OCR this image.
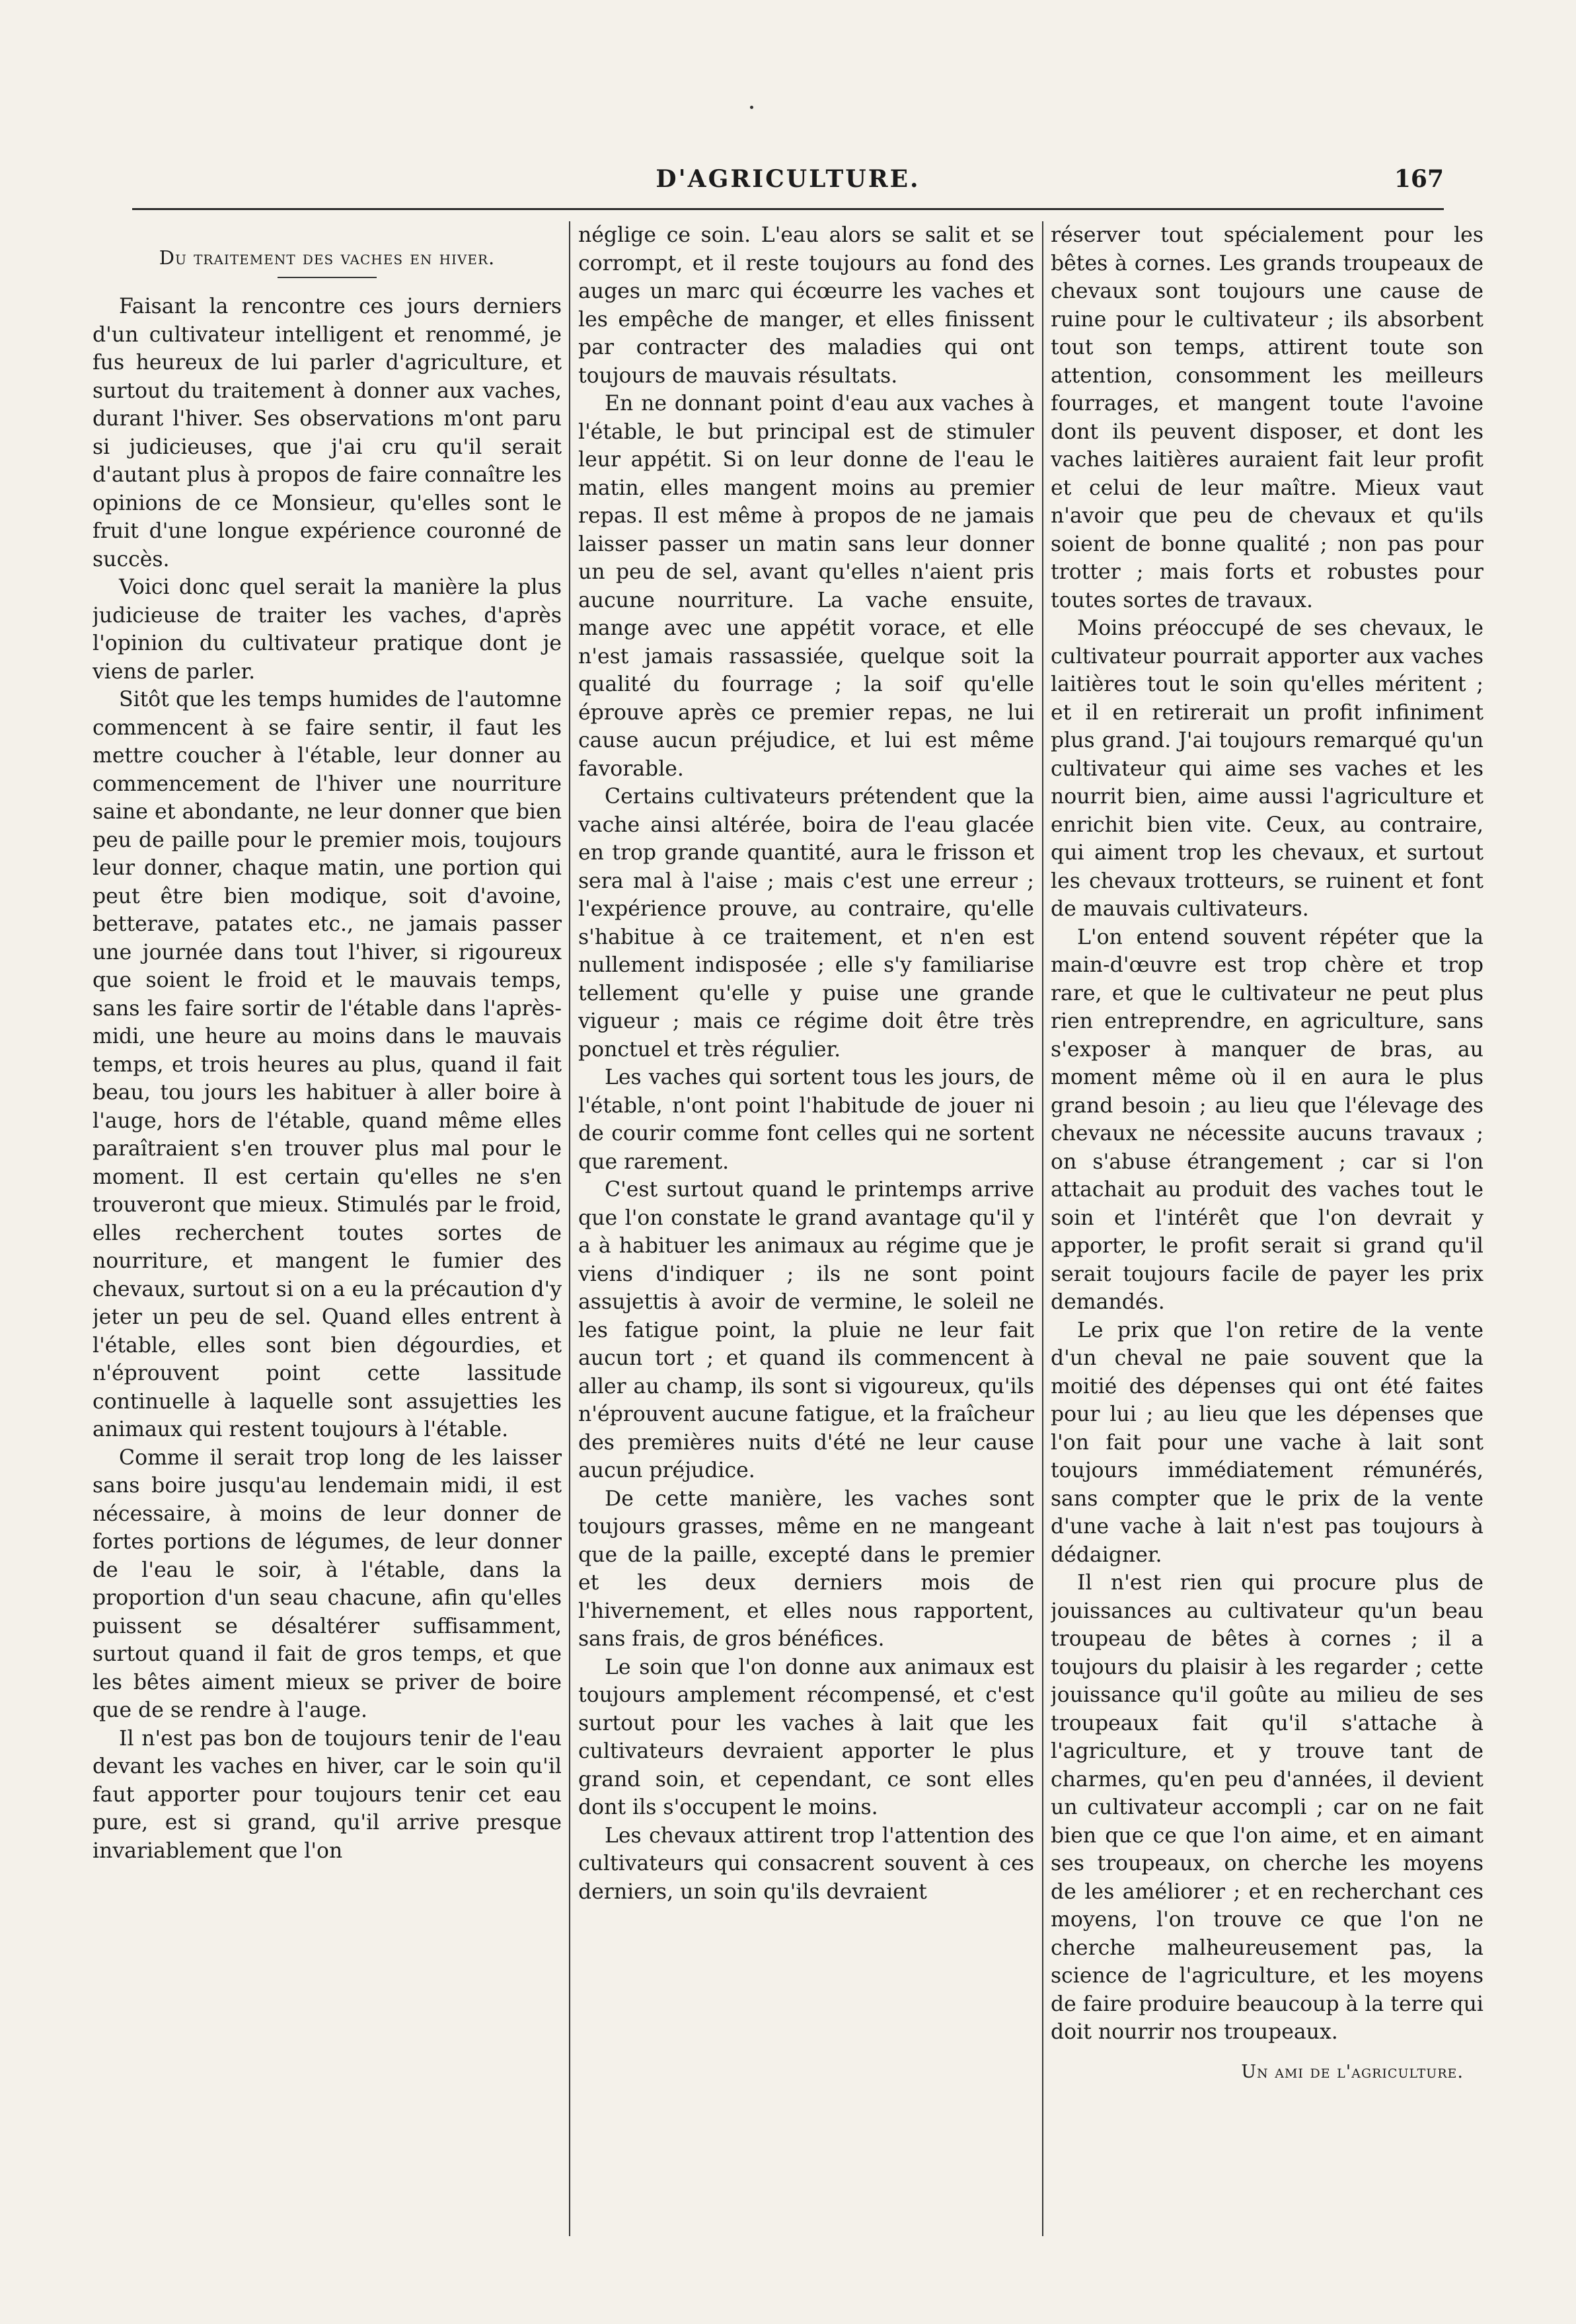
D'AGRICULTURE.	167
Du traitement des vaches en hiver.

Faisant la rencontre ces jours derniers d'un cultivateur intelligent et renommé, je fus heureux de lui parler d'agriculture, et surtout du traitement à donner aux vaches, durant l'hiver. Ses observations m'ont paru si judicieuses, que j'ai cru qu'il serait d'autant plus à propos de faire connaître les opinions de ce Monsieur, qu'elles sont le fruit d'une longue expérience couronné de succès.

Voici donc quel serait la manière la plus judicieuse de traiter les vaches, d'après l'opinion du cultivateur pratique dont je viens de parler.

Sitôt que les temps humides de l'automne commencent à se faire sentir, il faut les mettre coucher à l'étable, leur donner au commencement de l'hiver une nourriture saine et abondante, ne leur donner que bien peu de paille pour le premier mois, toujours leur donner, chaque matin, une portion qui peut être bien modique, soit d'avoine, betterave, patates etc., ne jamais passer une journée dans tout l'hiver, si rigoureux que soient le froid et le mauvais temps, sans les faire sortir de l'étable dans l'après-midi, une heure au moins dans le mauvais temps, et trois heures au plus, quand il fait beau, tou jours les habituer à aller boire à l'auge, hors de l'étable, quand même elles paraîtraient s'en trouver plus mal pour le moment. Il est certain qu'elles ne s'en trouveront que mieux. Stimulés par le froid, elles recherchent toutes sortes de nourriture, et mangent le fumier des chevaux, surtout si on a eu la précaution d'y jeter un peu de sel. Quand elles entrent à l'étable, elles sont bien dégourdies, et n'éprouvent point cette lassitude continuelle à laquelle sont assujetties les animaux qui restent toujours à l'étable.

Comme il serait trop long de les laisser sans boire jusqu'au lendemain midi, il est nécessaire, à moins de leur donner de fortes portions de légumes, de leur donner de l'eau le soir, à l'étable, dans la proportion d'un seau chacune, afin qu'elles puissent se désaltérer suffisamment, surtout quand il fait de gros temps, et que les bêtes aiment mieux se priver de boire que de se rendre à l'auge.

Il n'est pas bon de toujours tenir de l'eau devant les vaches en hiver, car le soin qu'il faut apporter pour toujours tenir cet eau pure, est si grand, qu'il arrive presque invariablement que l'on

néglige ce soin. L'eau alors se salit et se corrompt, et il reste toujours au fond des auges un marc qui écœurre les vaches et les empêche de manger, et elles finissent par contracter des maladies qui ont toujours de mauvais résultats.

En ne donnant point d'eau aux vaches à l'étable, le but principal est de stimuler leur appétit. Si on leur donne de l'eau le matin, elles mangent moins au premier repas. Il est même à propos de ne jamais laisser passer un matin sans leur donner un peu de sel, avant qu'elles n'aient pris aucune nourriture. La vache ensuite, mange avec une appétit vorace, et elle n'est jamais rassassiée, quelque soit la qualité du fourrage ; la soif qu'elle éprouve après ce premier repas, ne lui cause aucun préjudice, et lui est même favorable.

Certains cultivateurs prétendent que la vache ainsi altérée, boira de l'eau glacée en trop grande quantité, aura le frisson et sera mal à l'aise ; mais c'est une erreur ; l'expérience prouve, au contraire, qu'elle s'habitue à ce traitement, et n'en est nullement indisposée ; elle s'y familiarise tellement qu'elle y puise une grande vigueur ; mais ce régime doit être très ponctuel et très régulier.

Les vaches qui sortent tous les jours, de l'étable, n'ont point l'habitude de jouer ni de courir comme font celles qui ne sortent que rarement.

C'est surtout quand le printemps arrive que l'on constate le grand avantage qu'il y a à habituer les animaux au régime que je viens d'indiquer ; ils ne sont point assujettis à avoir de vermine, le soleil ne les fatigue point, la pluie ne leur fait aucun tort ; et quand ils commencent à aller au champ, ils sont si vigoureux, qu'ils n'éprouvent aucune fatigue, et la fraîcheur des premières nuits d'été ne leur cause aucun préjudice.

De cette manière, les vaches sont toujours grasses, même en ne mangeant que de la paille, excepté dans le premier et les deux derniers mois de l'hivernement, et elles nous rapportent, sans frais, de gros bénéfices.

Le soin que l'on donne aux animaux est toujours amplement récompensé, et c'est surtout pour les vaches à lait que les cultivateurs devraient apporter le plus grand soin, et cependant, ce sont elles dont ils s'occupent le moins.

Les chevaux attirent trop l'attention des cultivateurs qui consacrent souvent à ces derniers, un soin qu'ils devraient

réserver tout spécialement pour les bêtes à cornes. Les grands troupeaux de chevaux sont toujours une cause de ruine pour le cultivateur ; ils absorbent tout son temps, attirent toute son attention, consomment les meilleurs fourrages, et mangent toute l'avoine dont ils peuvent disposer, et dont les vaches laitières auraient fait leur profit et celui de leur maître. Mieux vaut n'avoir que peu de chevaux et qu'ils soient de bonne qualité ; non pas pour trotter ; mais forts et robustes pour toutes sortes de travaux.

Moins préoccupé de ses chevaux, le cultivateur pourrait apporter aux vaches laitières tout le soin qu'elles méritent ; et il en retirerait un profit infiniment plus grand. J'ai toujours remarqué qu'un cultivateur qui aime ses vaches et les nourrit bien, aime aussi l'agriculture et enrichit bien vite. Ceux, au contraire, qui aiment trop les chevaux, et surtout les chevaux trotteurs, se ruinent et font de mauvais cultivateurs.

L'on entend souvent répéter que la main-d'œuvre est trop chère et trop rare, et que le cultivateur ne peut plus rien entreprendre, en agriculture, sans s'exposer à manquer de bras, au moment même où il en aura le plus grand besoin ; au lieu que l'élevage des chevaux ne nécessite aucuns travaux ; on s'abuse étrangement ; car si l'on attachait au produit des vaches tout le soin et l'intérêt que l'on devrait y apporter, le profit serait si grand qu'il serait toujours facile de payer les prix demandés.

Le prix que l'on retire de la vente d'un cheval ne paie souvent que la moitié des dépenses qui ont été faites pour lui ; au lieu que les dépenses que l'on fait pour une vache à lait sont toujours immédiatement rémunérés, sans compter que le prix de la vente d'une vache à lait n'est pas toujours à dédaigner.

Il n'est rien qui procure plus de jouissances au cultivateur qu'un beau troupeau de bêtes à cornes ; il a toujours du plaisir à les regarder ; cette jouissance qu'il goûte au milieu de ses troupeaux fait qu'il s'attache à l'agriculture, et y trouve tant de charmes, qu'en peu d'années, il devient un cultivateur accompli ; car on ne fait bien que ce que l'on aime, et en aimant ses troupeaux, on cherche les moyens de les améliorer ; et en recherchant ces moyens, l'on trouve ce que l'on ne cherche malheureusement pas, la science de l'agriculture, et les moyens de faire produire beaucoup à la terre qui doit nourrir nos troupeaux.

Un ami de l'agriculture.
